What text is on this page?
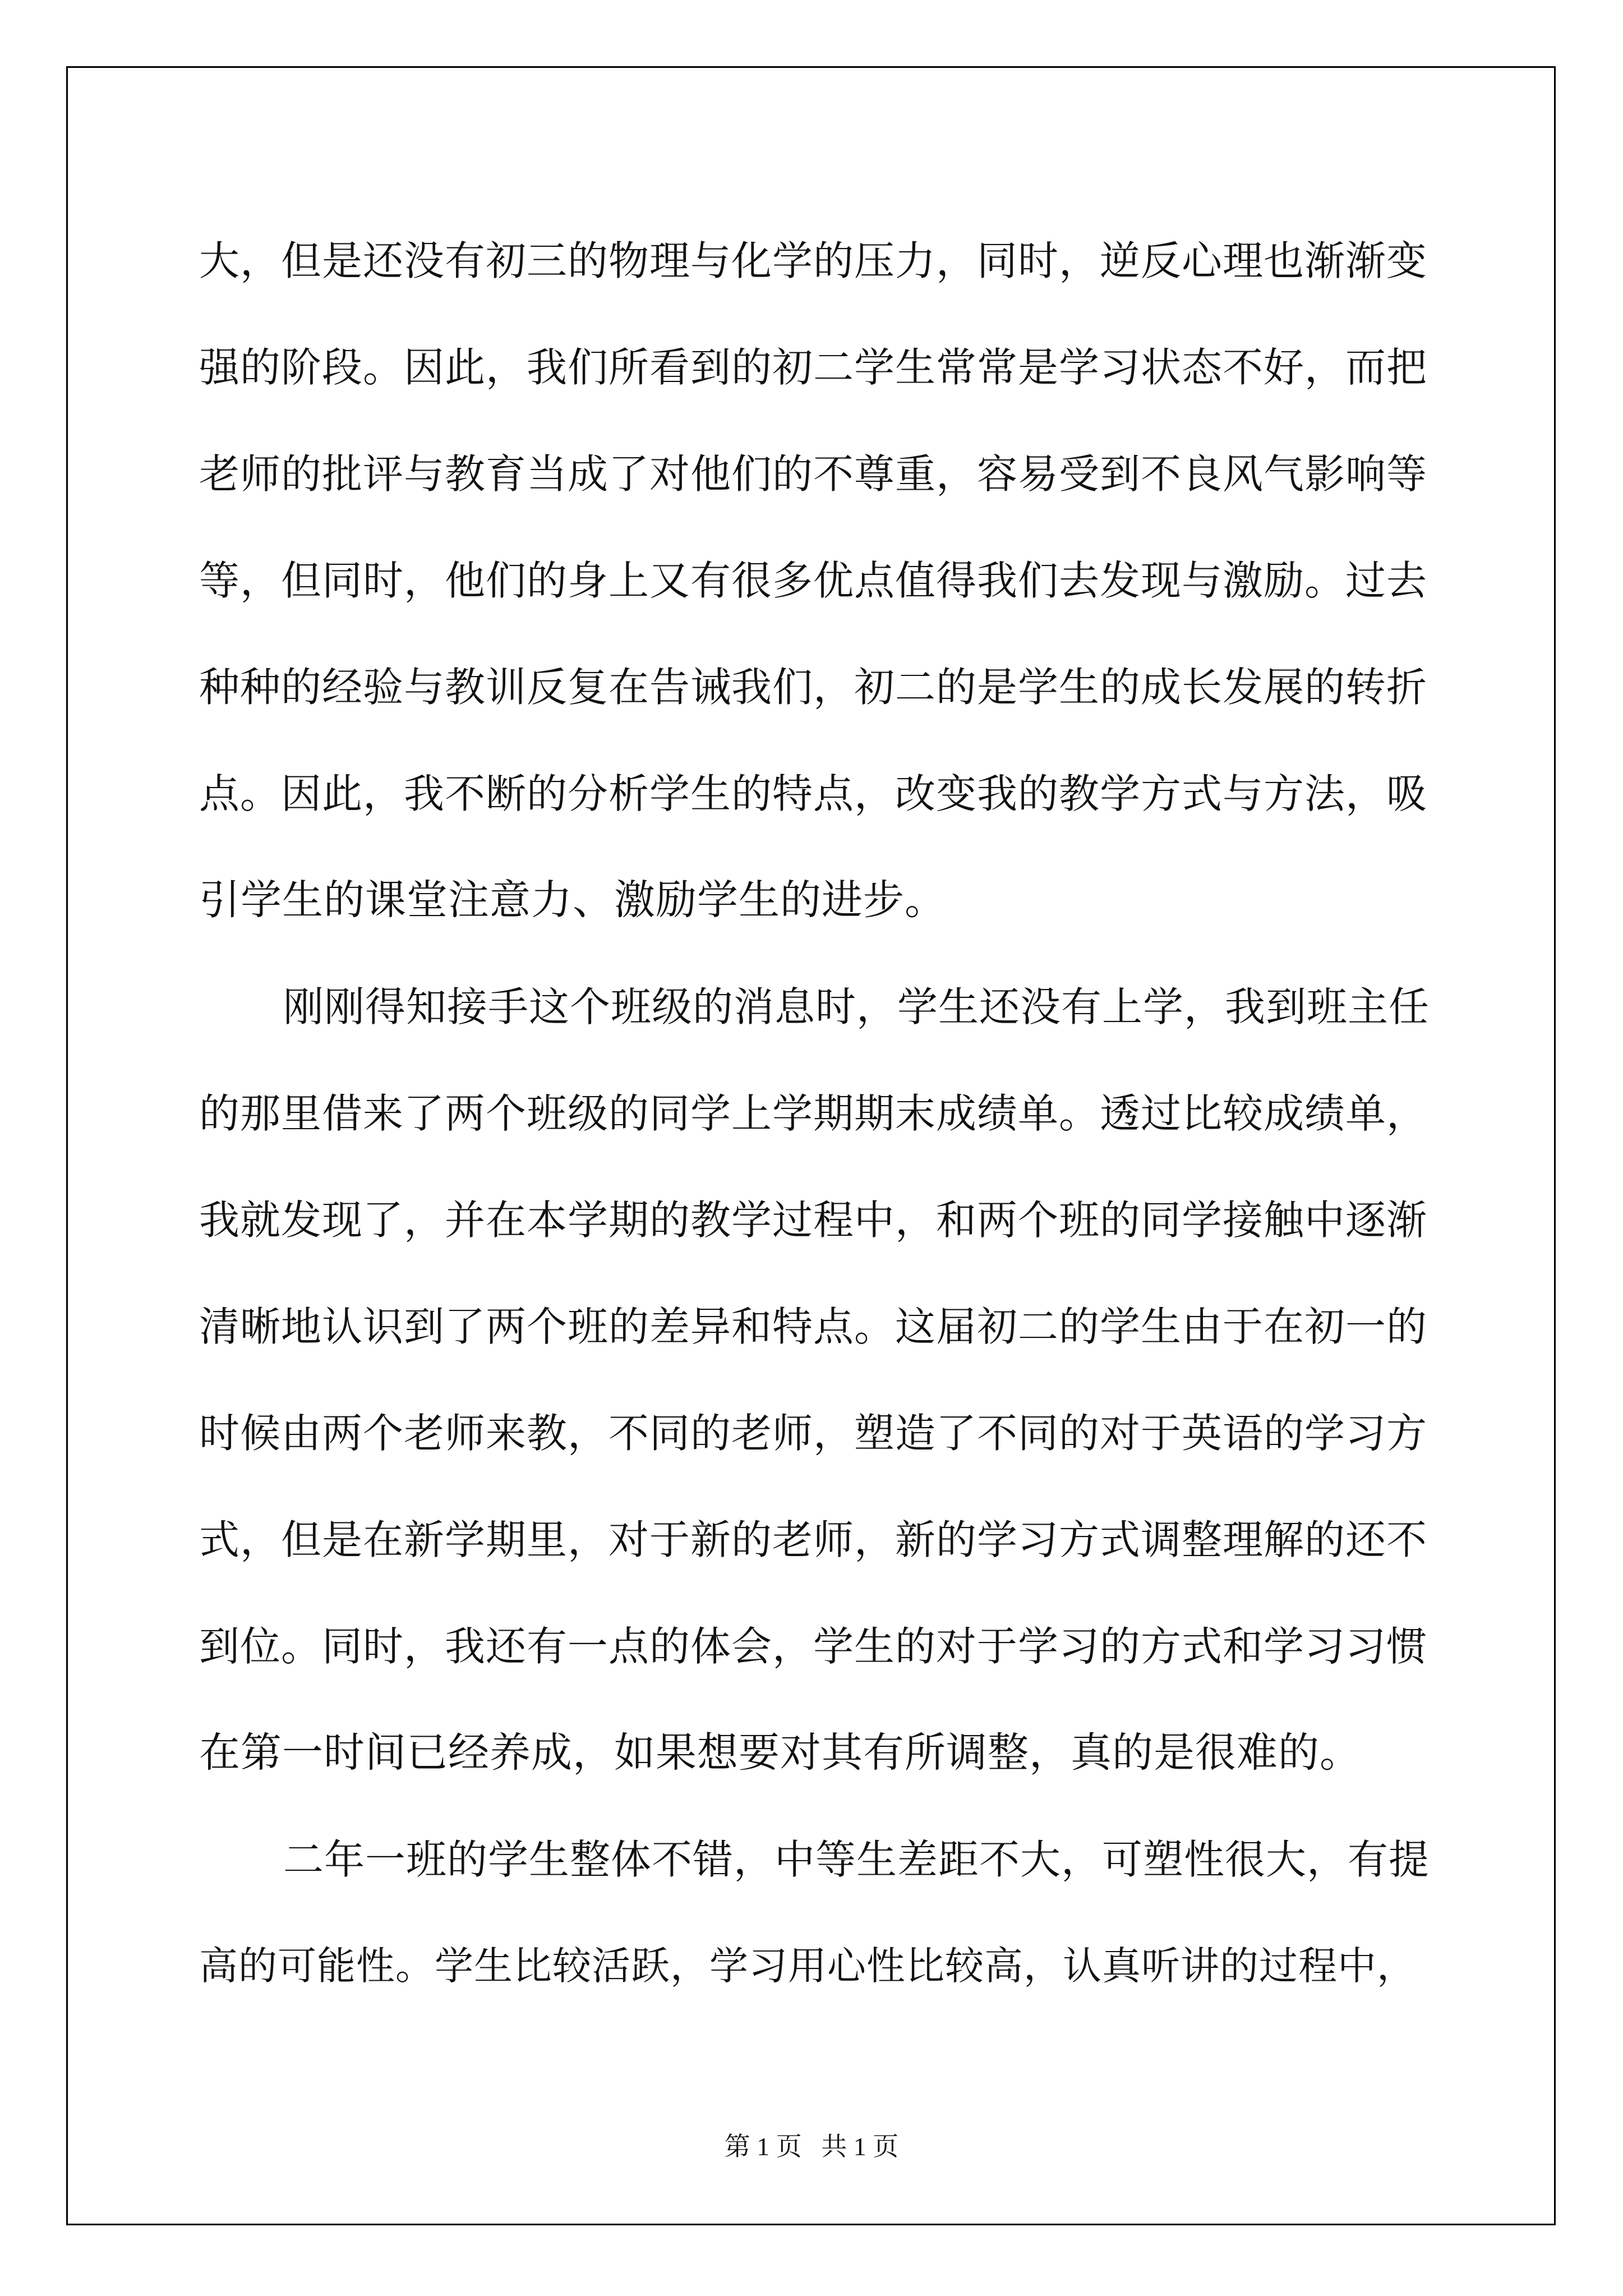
大，但是还没有初三的物理与化学的压力，同时，逆反心理也渐渐变
强的阶段。因此，我们所看到的初二学生常常是学习状态不好，而把
老师的批评与教育当成了对他们的不尊重，容易受到不良风气影响等
等，但同时，他们的身上又有很多优点值得我们去发现与激励。过去
种种的经验与教训反复在告诫我们，初二的是学生的成长发展的转折
点。因此，我不断的分析学生的特点，改变我的教学方式与方法，吸
引学生的课堂注意力、激励学生的进步。
刚刚得知接手这个班级的消息时，学生还没有上学，我到班主任
的那里借来了两个班级的同学上学期期末成绩单。透过比较成绩单，
我就发现了，并在本学期的教学过程中，和两个班的同学接触中逐渐
清晰地认识到了两个班的差异和特点。这届初二的学生由于在初一的
时候由两个老师来教，不同的老师，塑造了不同的对于英语的学习方
式，但是在新学期里，对于新的老师，新的学习方式调整理解的还不
到位。同时，我还有一点的体会，学生的对于学习的方式和学习习惯
在第一时间已经养成，如果想要对其有所调整，真的是很难的。
二年一班的学生整体不错，中等生差距不大，可塑性很大，有提
高的可能性。学生比较活跃，学习用心性比较高，认真听讲的过程中，
第 1 页   共 1 页
